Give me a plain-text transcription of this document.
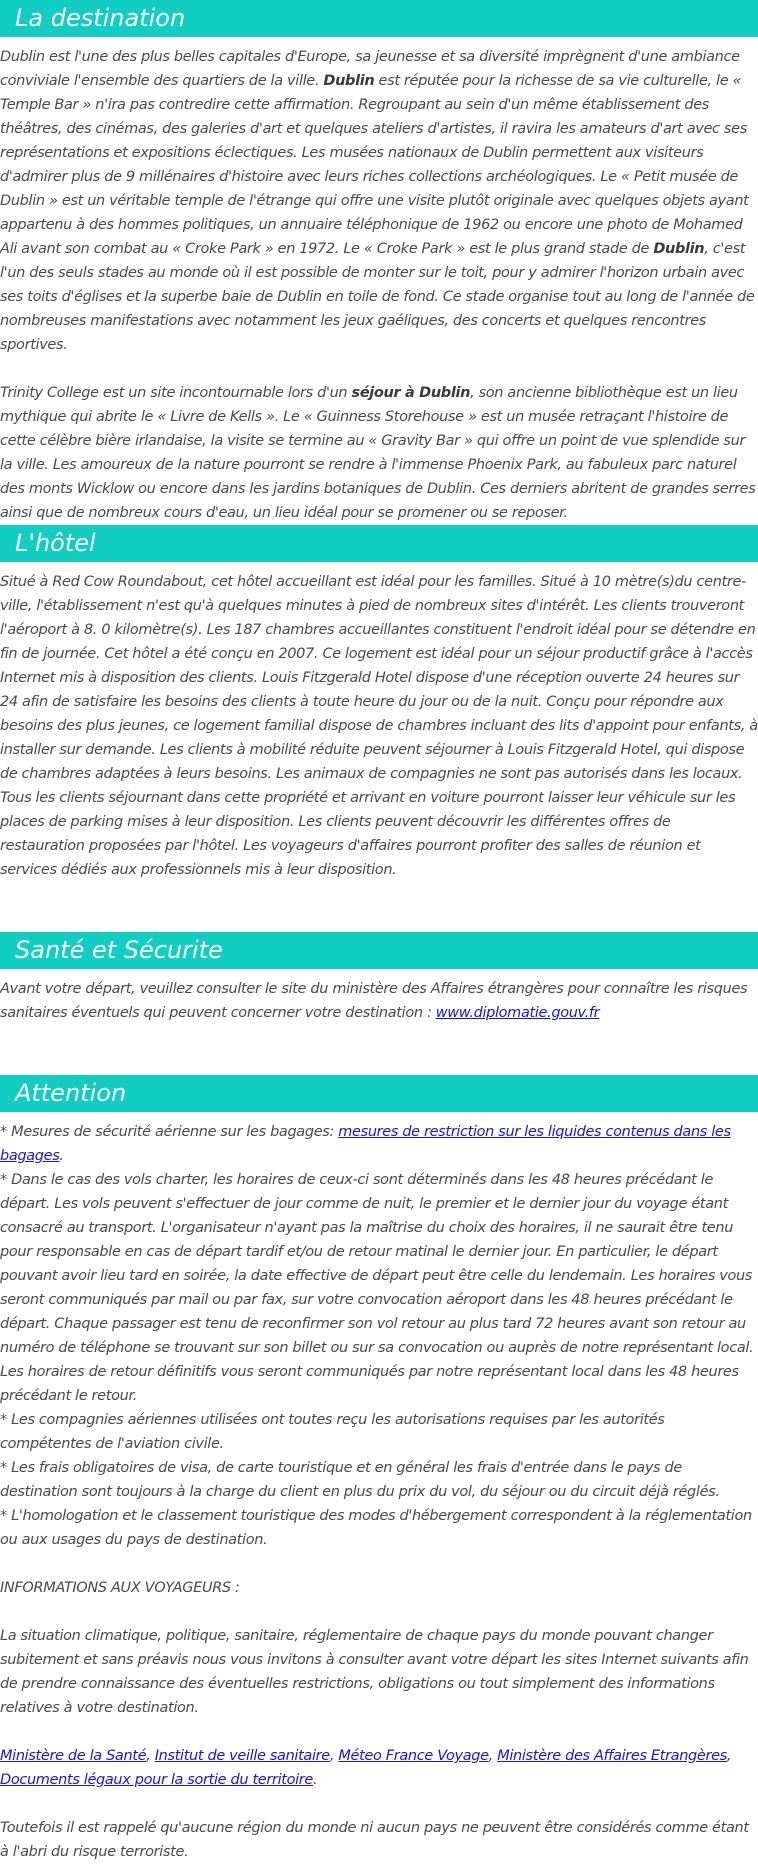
La destination

Dublin est l'une des plus belles capitales d'Europe, sa jeunesse et sa diversité imprègnent d'une ambiance conviviale l'ensemble des quartiers de la ville. Dublin est réputée pour la richesse de sa vie culturelle, le « Temple Bar » n'ira pas contredire cette affirmation. Regroupant au sein d'un même établissement des théâtres, des cinémas, des galeries d'art et quelques ateliers d'artistes, il ravira les amateurs d'art avec ses représentations et expositions éclectiques. Les musées nationaux de Dublin permettent aux visiteurs d'admirer plus de 9 millénaires d'histoire avec leurs riches collections archéologiques. Le « Petit musée de Dublin » est un véritable temple de l'étrange qui offre une visite plutôt originale avec quelques objets ayant appartenu à des hommes politiques, un annuaire téléphonique de 1962 ou encore une photo de Mohamed Ali avant son combat au « Croke Park » en 1972. Le « Croke Park » est le plus grand stade de Dublin, c'est l'un des seuls stades au monde où il est possible de monter sur le toit, pour y admirer l'horizon urbain avec ses toits d'églises et la superbe baie de Dublin en toile de fond. Ce stade organise tout au long de l'année de nombreuses manifestations avec notamment les jeux gaéliques, des concerts et quelques rencontres sportives.

Trinity College est un site incontournable lors d'un séjour à Dublin, son ancienne bibliothèque est un lieu mythique qui abrite le « Livre de Kells ». Le « Guinness Storehouse » est un musée retraçant l'histoire de cette célèbre bière irlandaise, la visite se termine au « Gravity Bar » qui offre un point de vue splendide sur la ville. Les amoureux de la nature pourront se rendre à l'immense Phoenix Park, au fabuleux parc naturel des monts Wicklow ou encore dans les jardins botaniques de Dublin. Ces derniers abritent de grandes serres ainsi que de nombreux cours d'eau, un lieu idéal pour se promener ou se reposer.

L'hôtel

Situé à Red Cow Roundabout, cet hôtel accueillant est idéal pour les familles. Situé à 10 mètre(s)du centre-ville, l'établissement n'est qu'à quelques minutes à pied de nombreux sites d'intérêt. Les clients trouveront l'aéroport à 8. 0 kilomètre(s). Les 187 chambres accueillantes constituent l'endroit idéal pour se détendre en fin de journée. Cet hôtel a été conçu en 2007. Ce logement est idéal pour un séjour productif grâce à l'accès Internet mis à disposition des clients. Louis Fitzgerald Hotel dispose d'une réception ouverte 24 heures sur 24 afin de satisfaire les besoins des clients à toute heure du jour ou de la nuit. Conçu pour répondre aux besoins des plus jeunes, ce logement familial dispose de chambres incluant des lits d'appoint pour enfants, à installer sur demande. Les clients à mobilité réduite peuvent séjourner à Louis Fitzgerald Hotel, qui dispose de chambres adaptées à leurs besoins. Les animaux de compagnies ne sont pas autorisés dans les locaux. Tous les clients séjournant dans cette propriété et arrivant en voiture pourront laisser leur véhicule sur les places de parking mises à leur disposition. Les clients peuvent découvrir les différentes offres de restauration proposées par l'hôtel. Les voyageurs d'affaires pourront profiter des salles de réunion et services dédiés aux professionnels mis à leur disposition.

Santé et Sécurite

Avant votre départ, veuillez consulter le site du ministère des Affaires étrangères pour connaître les risques sanitaires éventuels qui peuvent concerner votre destination : www.diplomatie.gouv.fr

Attention

* Mesures de sécurité aérienne sur les bagages: mesures de restriction sur les liquides contenus dans les bagages.

* Dans le cas des vols charter, les horaires de ceux-ci sont déterminés dans les 48 heures précédant le départ. Les vols peuvent s'effectuer de jour comme de nuit, le premier et le dernier jour du voyage étant consacré au transport. L'organisateur n'ayant pas la maîtrise du choix des horaires, il ne saurait être tenu pour responsable en cas de départ tardif et/ou de retour matinal le dernier jour. En particulier, le départ pouvant avoir lieu tard en soirée, la date effective de départ peut être celle du lendemain. Les horaires vous seront communiqués par mail ou par fax, sur votre convocation aéroport dans les 48 heures précédant le départ. Chaque passager est tenu de reconfirmer son vol retour au plus tard 72 heures avant son retour au numéro de téléphone se trouvant sur son billet ou sur sa convocation ou auprès de notre représentant local. Les horaires de retour définitifs vous seront communiqués par notre représentant local dans les 48 heures précédant le retour.

* Les compagnies aériennes utilisées ont toutes reçu les autorisations requises par les autorités compétentes de l'aviation civile.

* Les frais obligatoires de visa, de carte touristique et en général les frais d'entrée dans le pays de destination sont toujours à la charge du client en plus du prix du vol, du séjour ou du circuit déjà réglés.

* L'homologation et le classement touristique des modes d'hébergement correspondent à la réglementation ou aux usages du pays de destination.

INFORMATIONS AUX VOYAGEURS :

La situation climatique, politique, sanitaire, réglementaire de chaque pays du monde pouvant changer subitement et sans préavis nous vous invitons à consulter avant votre départ les sites Internet suivants afin de prendre connaissance des éventuelles restrictions, obligations ou tout simplement des informations relatives à votre destination.

Ministère de la Santé, Institut de veille sanitaire, Méteo France Voyage, Ministère des Affaires Etrangères, Documents légaux pour la sortie du territoire.

Toutefois il est rappelé qu'aucune région du monde ni aucun pays ne peuvent être considérés comme étant à l'abri du risque terroriste.
